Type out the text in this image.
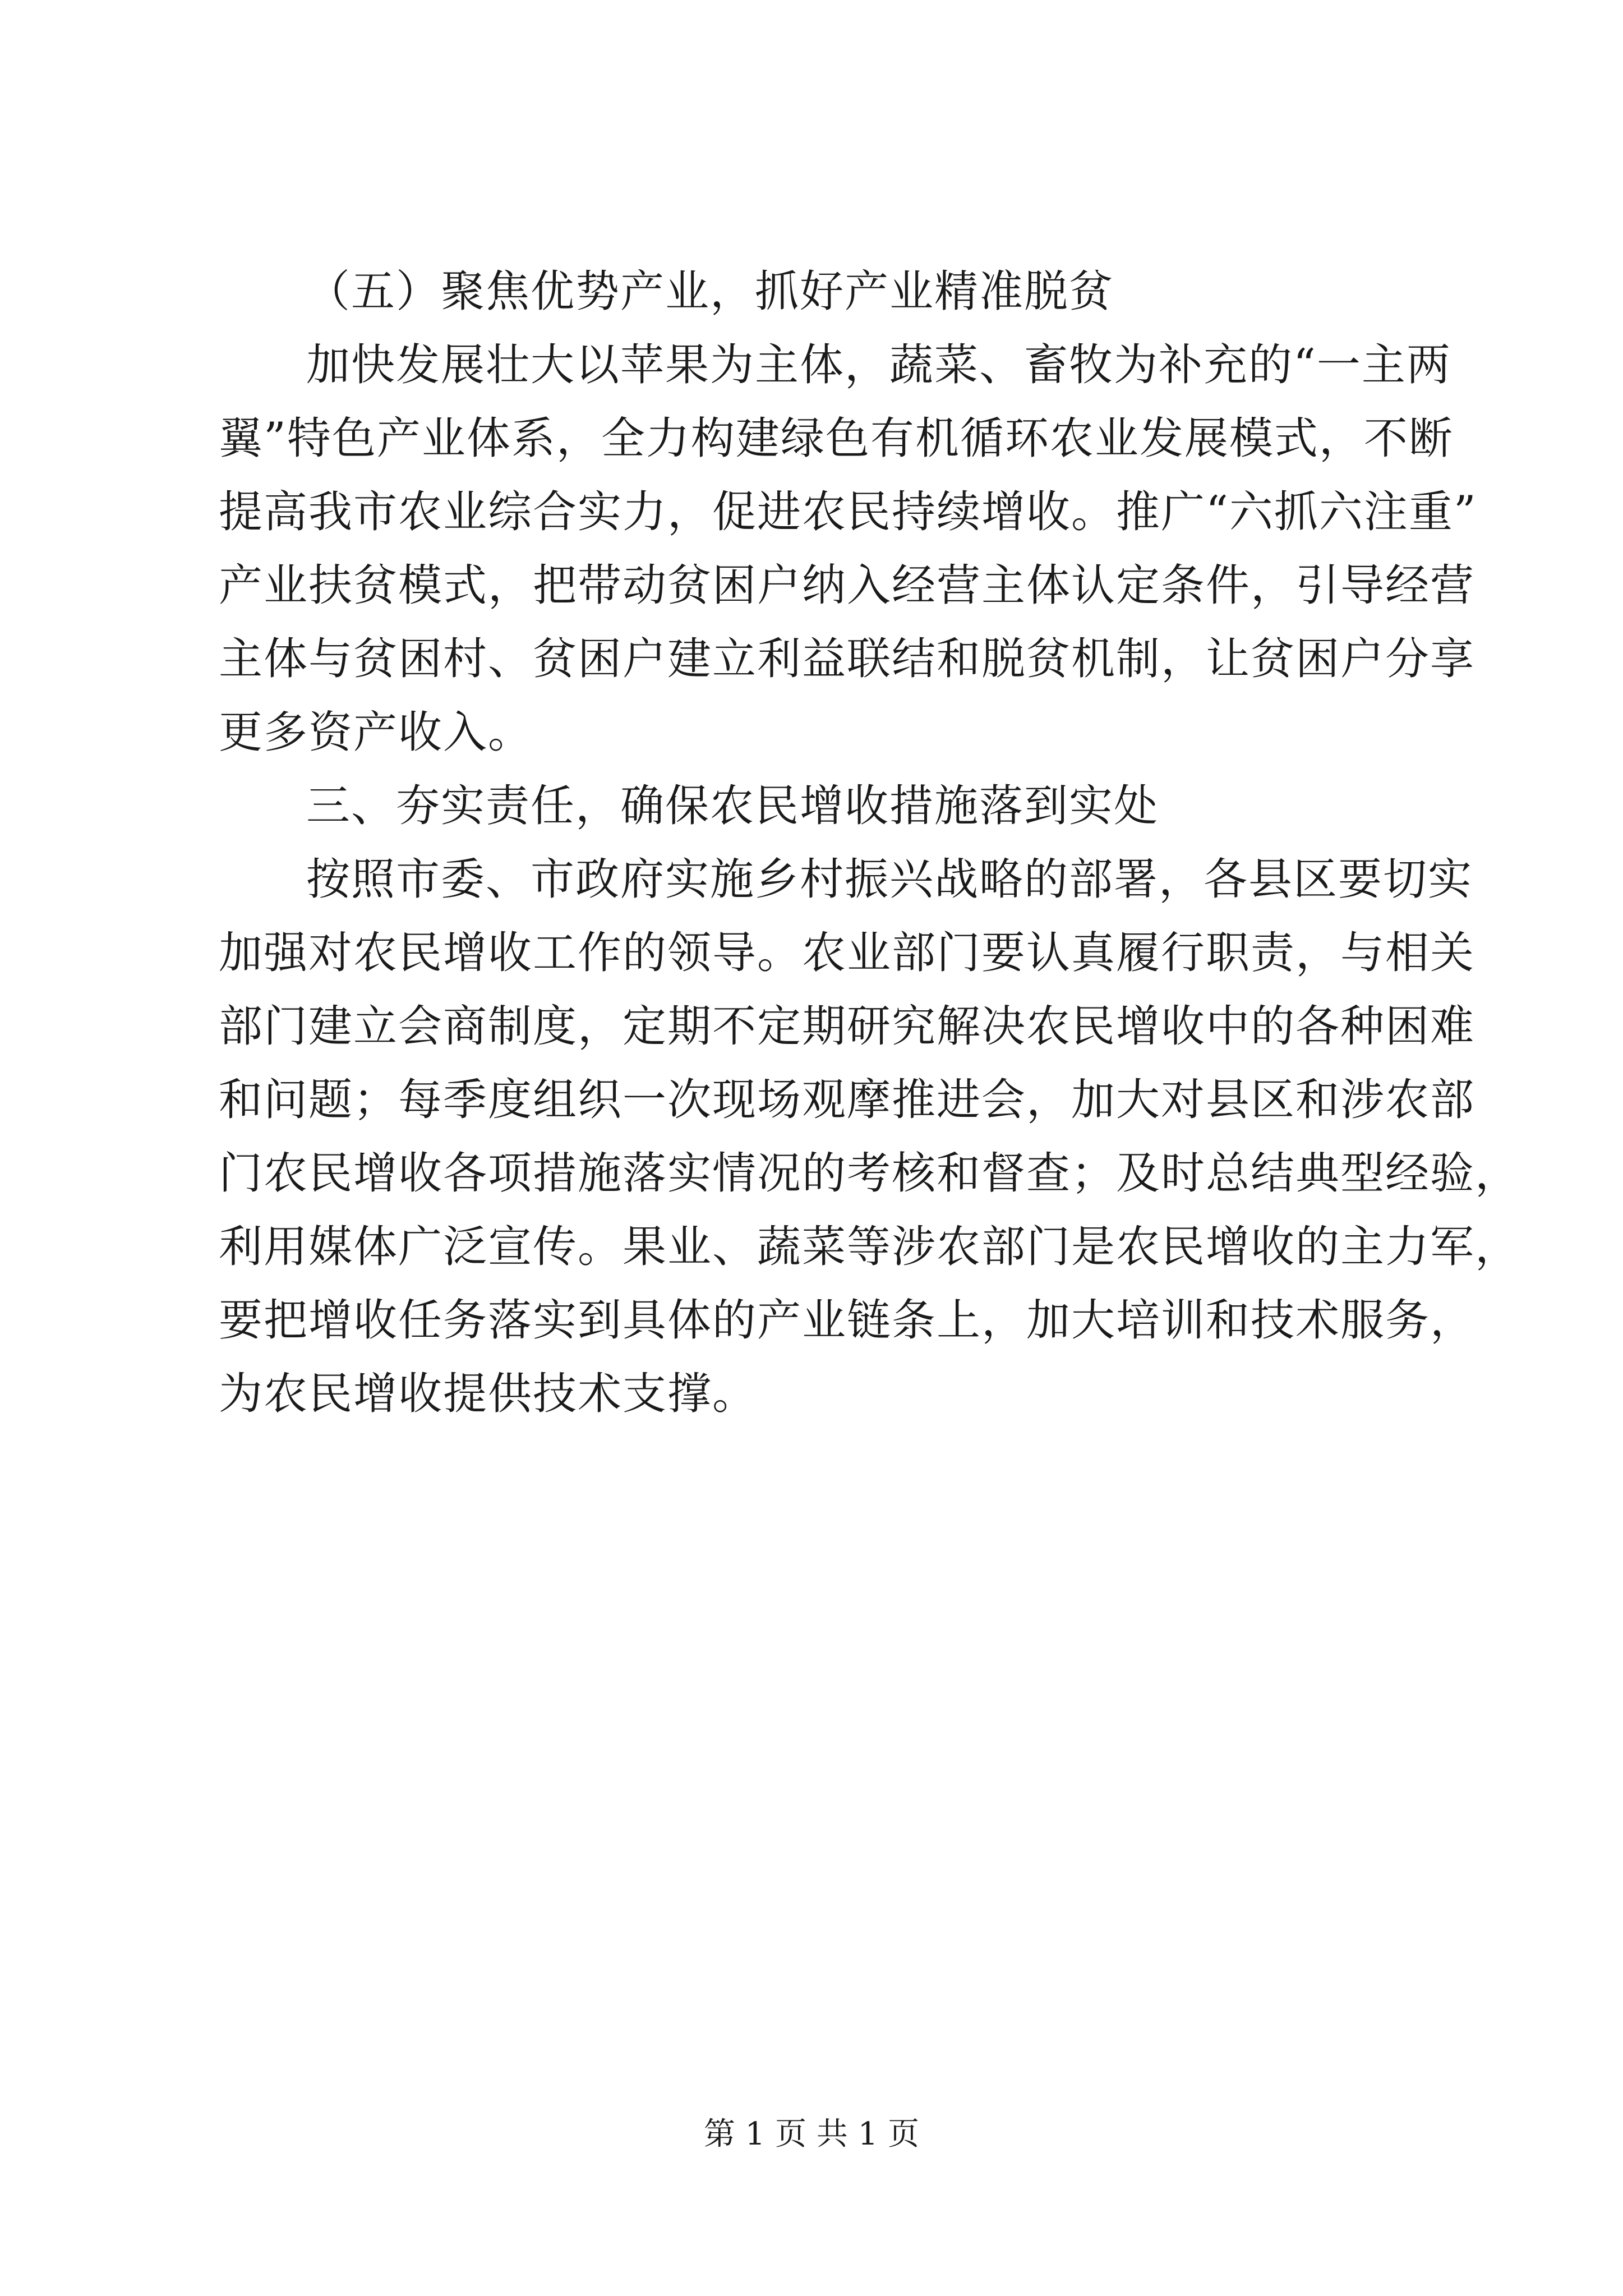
（五）聚焦优势产业，抓好产业精准脱贫
加快发展壮大以苹果为主体，蔬菜、畜牧为补充的“一主两
翼”特色产业体系，全力构建绿色有机循环农业发展模式，不断
提高我市农业综合实力，促进农民持续增收。推广“六抓六注重”
产业扶贫模式，把带动贫困户纳入经营主体认定条件，引导经营
主体与贫困村、贫困户建立利益联结和脱贫机制，让贫困户分享
更多资产收入。
三、夯实责任，确保农民增收措施落到实处
按照市委、市政府实施乡村振兴战略的部署，各县区要切实
加强对农民增收工作的领导。农业部门要认真履行职责，与相关
部门建立会商制度，定期不定期研究解决农民增收中的各种困难
和问题；每季度组织一次现场观摩推进会，加大对县区和涉农部
门农民增收各项措施落实情况的考核和督查；及时总结典型经验，
利用媒体广泛宣传。果业、蔬菜等涉农部门是农民增收的主力军，
要把增收任务落实到具体的产业链条上，加大培训和技术服务，
为农民增收提供技术支撑。
第 1 页 共 1 页
